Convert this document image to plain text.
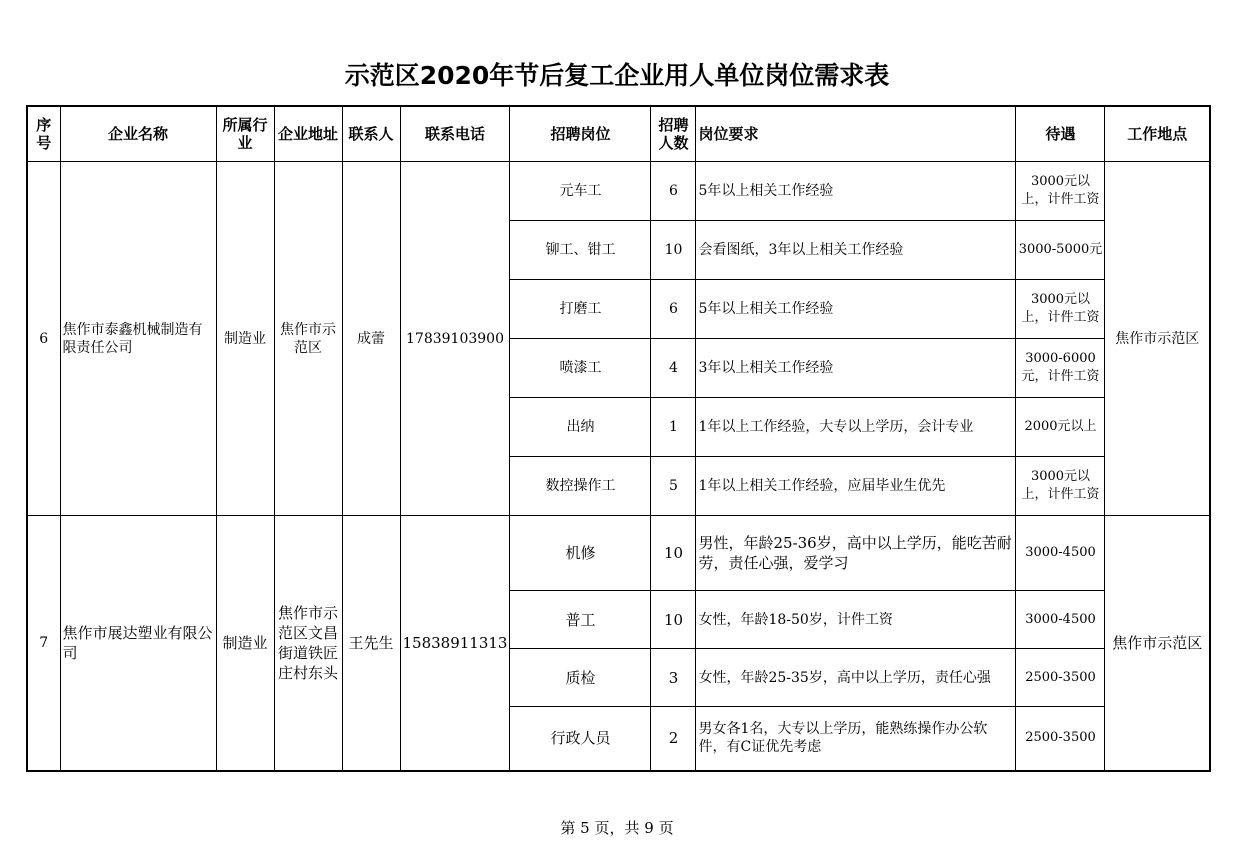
示范区2020年节后复工企业用人单位岗位需求表
序号	企业名称	所属行业	企业地址	联系人	联系电话	招聘岗位	招聘人数	岗位要求	待遇	工作地点
6	焦作市泰鑫机械制造有限责任公司	制造业	焦作市示范区	成蕾	17839103900	元车工	6	5年以上相关工作经验	3000元以上，计件工资	焦作市示范区
						铆工、钳工	10	会看图纸，3年以上相关工作经验	3000-5000元	
						打磨工	6	5年以上相关工作经验	3000元以上，计件工资	
						喷漆工	4	3年以上相关工作经验	3000-6000元，计件工资	
						出纳	1	1年以上工作经验，大专以上学历，会计专业	2000元以上	
						数控操作工	5	1年以上相关工作经验，应届毕业生优先	3000元以上，计件工资	
7	焦作市展达塑业有限公司	制造业	焦作市示范区文昌街道铁匠庄村东头	王先生	15838911313	机修	10	男性，年龄25-36岁，高中以上学历，能吃苦耐劳，责任心强，爱学习	3000-4500	焦作市示范区
						普工	10	女性，年龄18-50岁，计件工资	3000-4500	
						质检	3	女性，年龄25-35岁，高中以上学历，责任心强	2500-3500	
						行政人员	2	男女各1名，大专以上学历，能熟练操作办公软件，有C证优先考虑	2500-3500	
第 5 页，共 9 页
